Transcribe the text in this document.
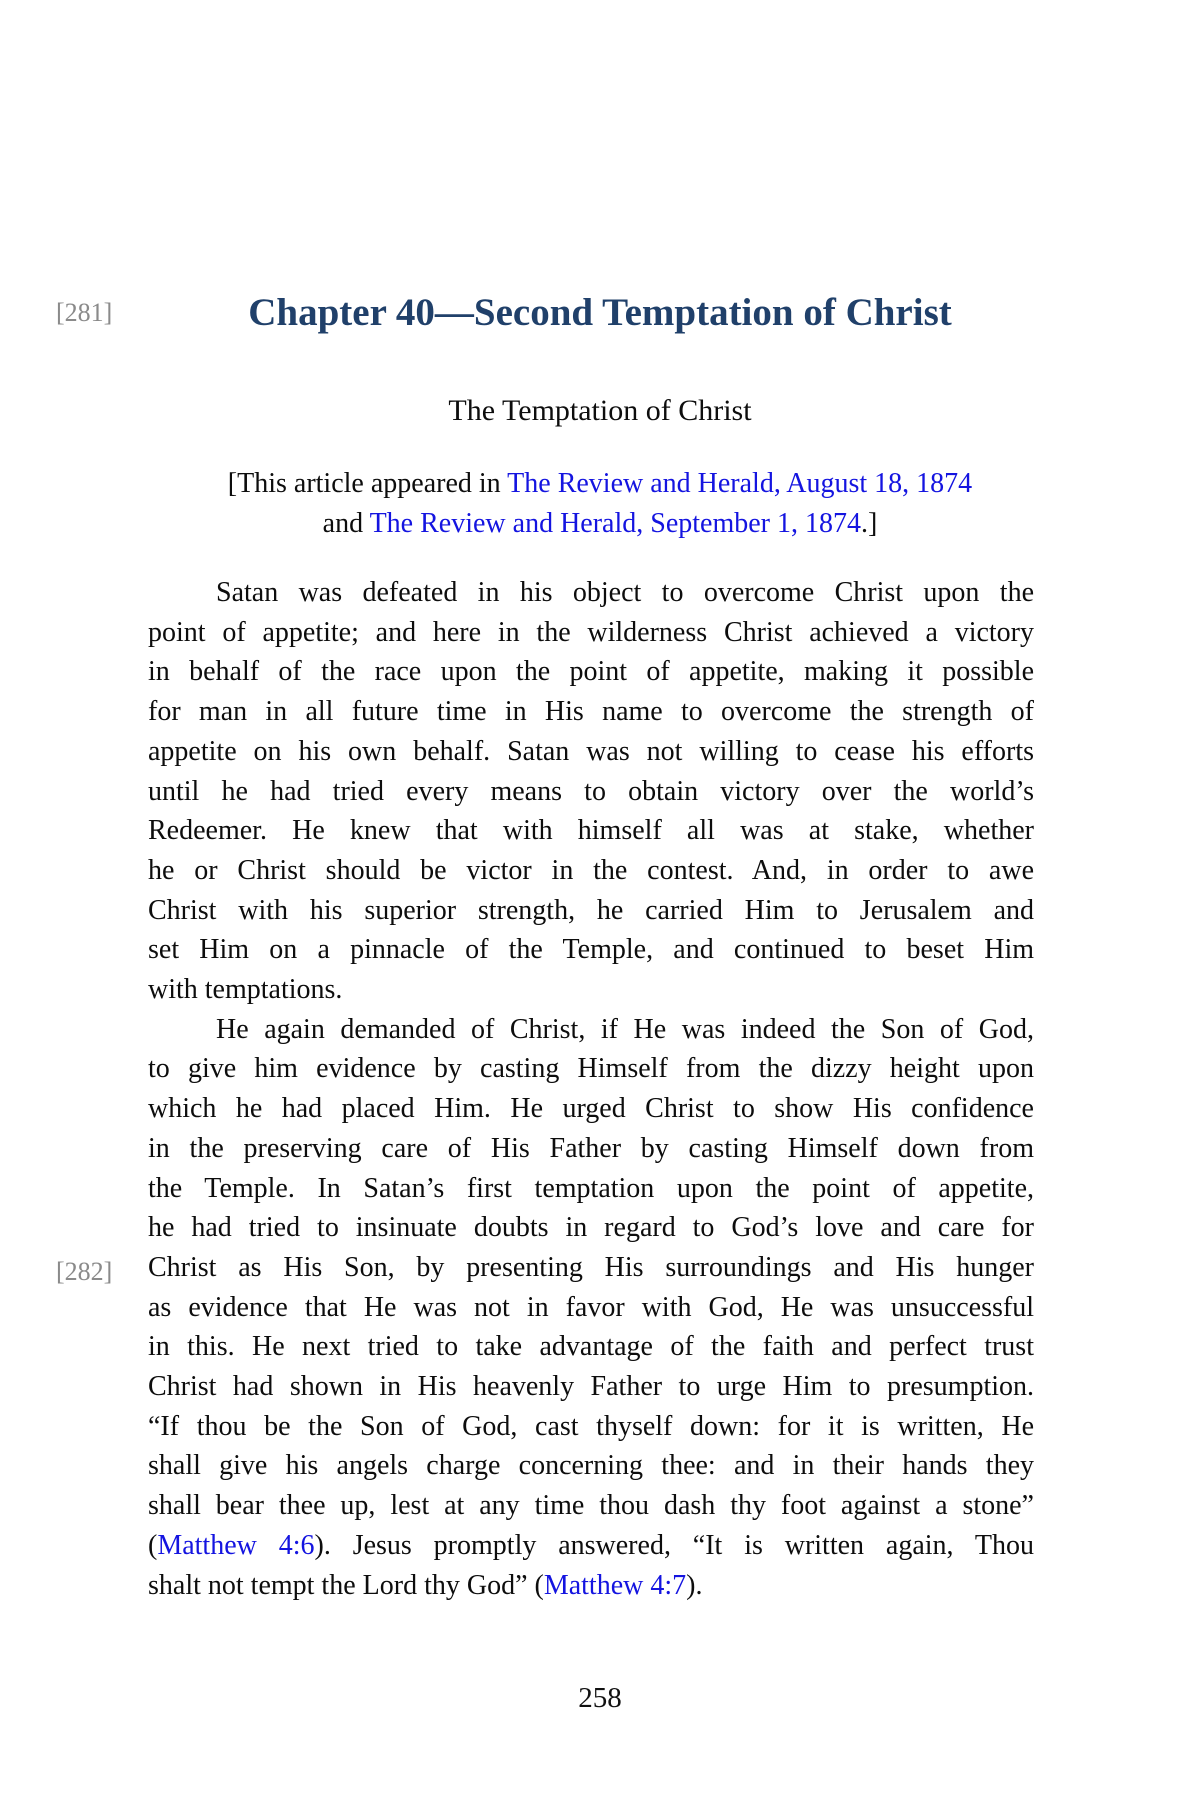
[281]	Chapter 40—Second Temptation of Christ
The Temptation of Christ
[This article appeared in The Review and Herald, August 18, 1874
and The Review and Herald, September 1, 1874.]
Satan was defeated in his object to overcome Christ upon the
point of appetite; and here in the wilderness Christ achieved a victory
in behalf of the race upon the point of appetite, making it possible
for man in all future time in His name to overcome the strength of
appetite on his own behalf. Satan was not willing to cease his efforts
until he had tried every means to obtain victory over the world’s
Redeemer. He knew that with himself all was at stake, whether
he or Christ should be victor in the contest. And, in order to awe
Christ with his superior strength, he carried Him to Jerusalem and
set Him on a pinnacle of the Temple, and continued to beset Him
with temptations.
He again demanded of Christ, if He was indeed the Son of God,
to give him evidence by casting Himself from the dizzy height upon
which he had placed Him. He urged Christ to show His confidence
in the preserving care of His Father by casting Himself down from
the Temple. In Satan’s first temptation upon the point of appetite,
he had tried to insinuate doubts in regard to God’s love and care for
Christ as His Son, by presenting His surroundings and His hunger
as evidence that He was not in favor with God, He was unsuccessful
in this. He next tried to take advantage of the faith and perfect trust
Christ had shown in His heavenly Father to urge Him to presumption.
“If thou be the Son of God, cast thyself down: for it is written, He
shall give his angels charge concerning thee: and in their hands they
shall bear thee up, lest at any time thou dash thy foot against a stone”
(Matthew 4:6). Jesus promptly answered, “It is written again, Thou
shalt not tempt the Lord thy God” (Matthew 4:7).
[282]
258
